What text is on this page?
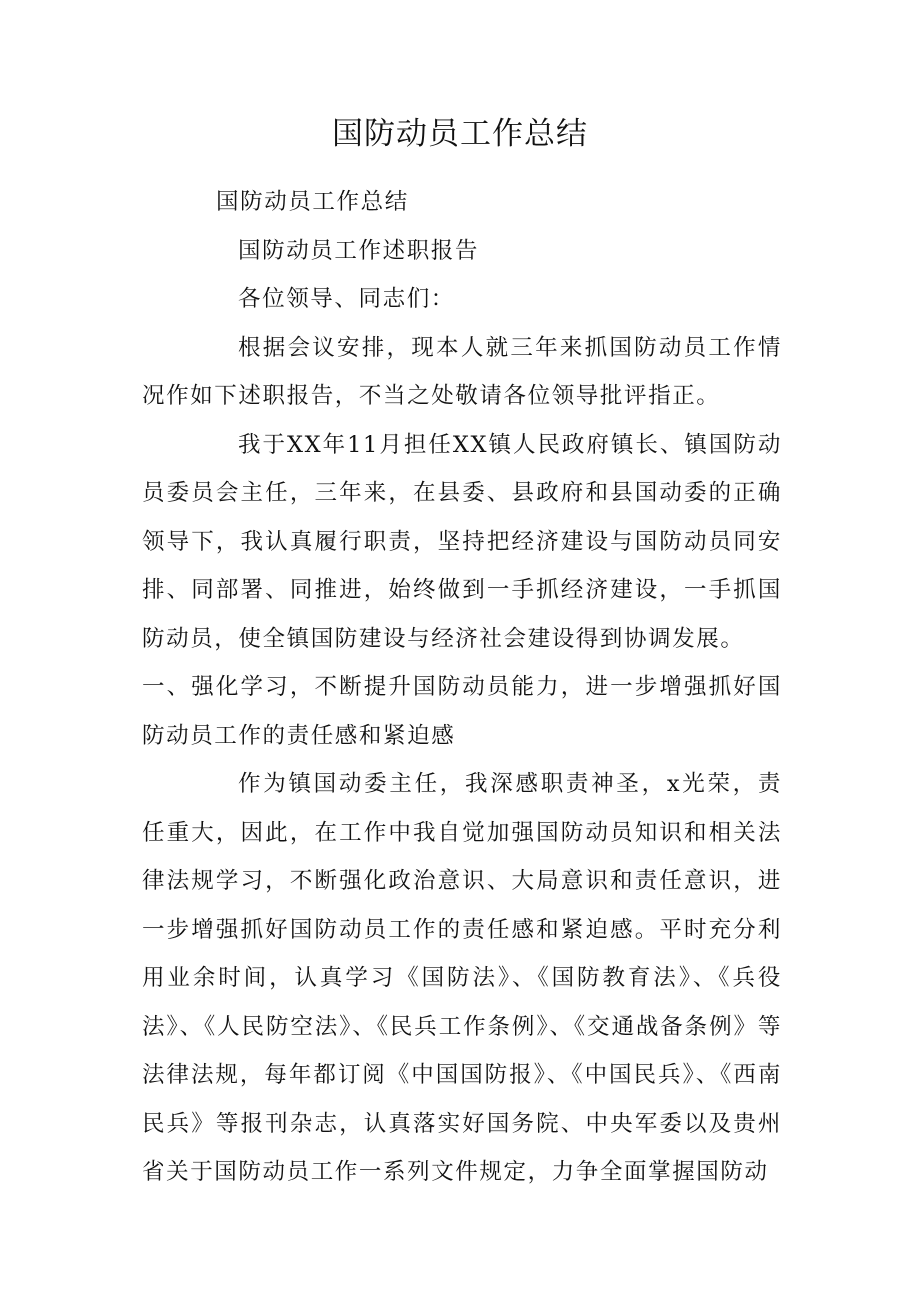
国防动员工作总结

国防动员工作总结

国防动员工作述职报告

各位领导、同志们：

根据会议安排，现本人就三年来抓国防动员工作情况作如下述职报告，不当之处敬请各位领导批评指正。

我于XX年11月担任XX镇人民政府镇长、镇国防动员委员会主任，三年来，在县委、县政府和县国动委的正确领导下，我认真履行职责，坚持把经济建设与国防动员同安排、同部署、同推进，始终做到一手抓经济建设，一手抓国防动员，使全镇国防建设与经济社会建设得到协调发展。

一、强化学习，不断提升国防动员能力，进一步增强抓好国防动员工作的责任感和紧迫感

作为镇国动委主任，我深感职责神圣，x光荣，责任重大，因此，在工作中我自觉加强国防动员知识和相关法律法规学习，不断强化政治意识、大局意识和责任意识，进一步增强抓好国防动员工作的责任感和紧迫感。平时充分利用业余时间，认真学习《国防法》、《国防教育法》、《兵役法》、《人民防空法》、《民兵工作条例》、《交通战备条例》等法律法规，每年都订阅《中国国防报》、《中国民兵》、《西南民兵》等报刊杂志，认真落实好国务院、中央军委以及贵州省关于国防动员工作一系列文件规定，力争全面掌握国防动
